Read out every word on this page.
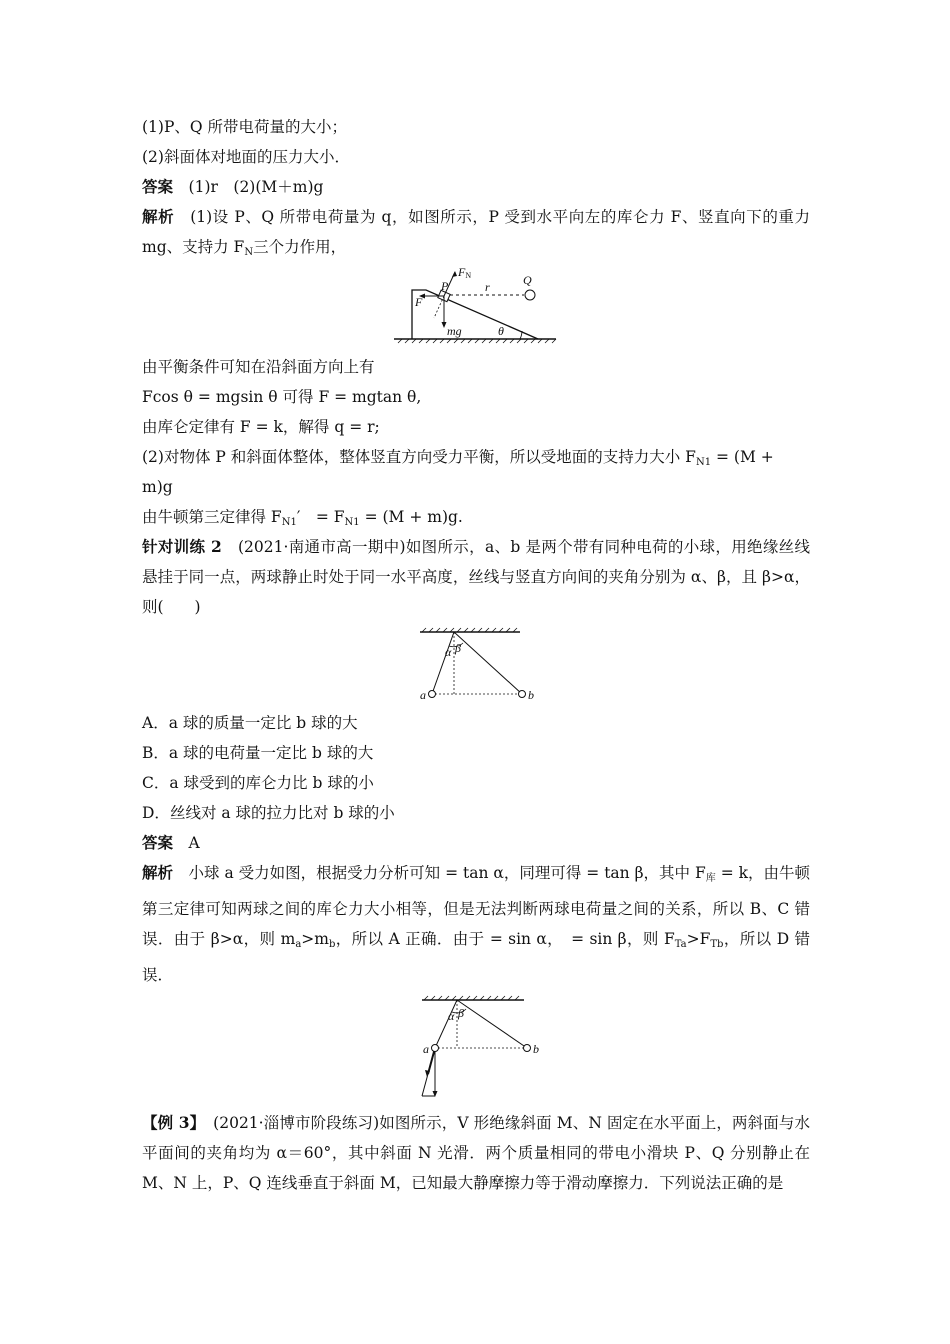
(1)P、Q 所带电荷量的大小；
(2)斜面体对地面的压力大小．
答案　 (1)r　(2)(M＋m)g
解析　 (1)设 P、Q 所带电荷量为 q，如图所示，P 受到水平向左的库仑力 F、竖直向下的重力 mg、支持力 $F_N$三个力作用，
FN
P	r	Q
F
mg	θ
由平衡条件可知在沿斜面方向上有
Fcos θ = mgsin θ 可得 F = mgtan θ,
由库仑定律有 F = k，解得 q = r;
(2)对物体 P 和斜面体整体，整体竖直方向受力平衡，所以受地面的支持力大小 $F_{N1} = (M$ +
m)g
由牛顿第三定律得 $F_{N1}'$　= $F_{N1} = (M + m)g$.
针对训练 2　 (2021·南通市高一期中)如图所示，a、b 是两个带有同种电荷的小球，用绝缘丝线悬挂于同一点，两球静止时处于同一水平高度，丝线与竖直方向间的夹角分别为 α、β，且 β>α，则(　　)
α β
a	b
A．a 球的质量一定比 b 球的大
B．a 球的电荷量一定比 b 球的大
C．a 球受到的库仑力比 b 球的小
D．丝线对 a 球的拉力比对 b 球的小
答案　 A
解析　 小球 a 受力如图，根据受力分析可知 = tan α，同理可得 = tan β，其中 $F_库 = k$，由牛顿第三定律可知两球之间的库仑力大小相等，但是无法判断两球电荷量之间的关系，所以 B、C 错误．由于 β>α，则 $m_a>m_b$，所以 A 正确．由于 = sin α，　= sin β，则 $F_{Ta}>F_{Tb}$，所以 D 错误．
α β
a	b
【例 3】　 (2021·淄博市阶段练习)如图所示，V 形绝缘斜面 M、N 固定在水平面上，两斜面与水平面间的夹角均为 α＝60°，其中斜面 N 光滑．两个质量相同的带电小滑块 P、Q 分别静止在 M、N 上，P、Q 连线垂直于斜面 M，已知最大静摩擦力等于滑动摩擦力．下列说法正确的是
